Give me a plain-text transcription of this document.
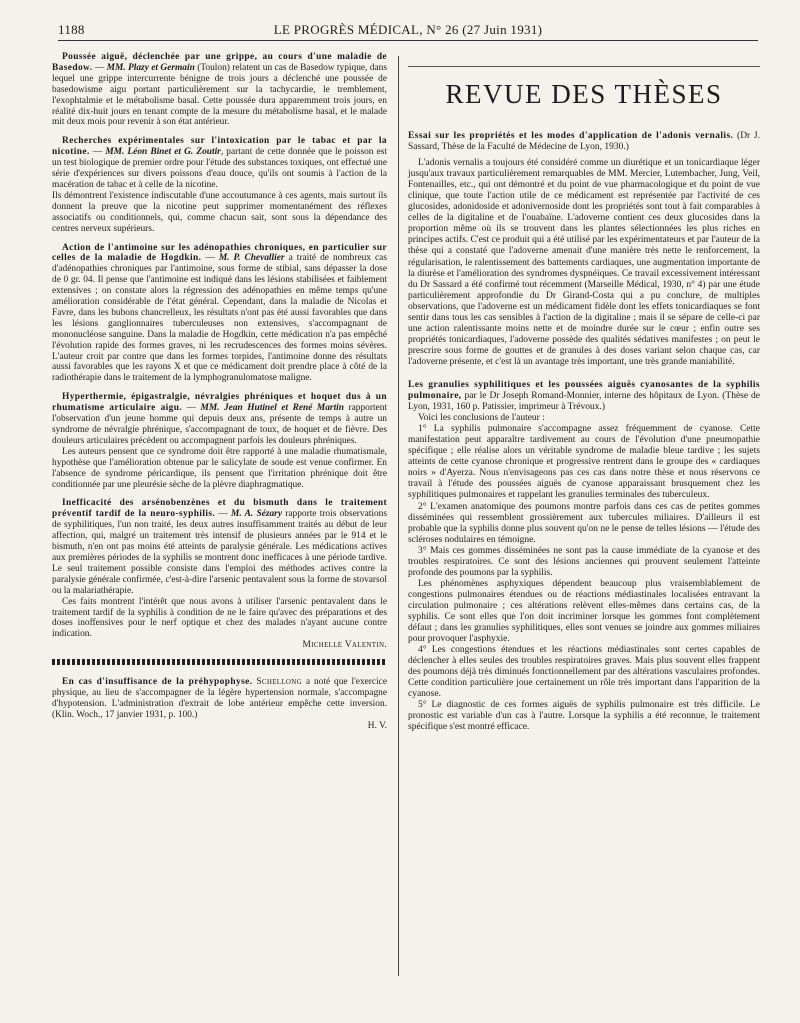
1188	LE PROGRÈS MÉDICAL, N° 26 (27 Juin 1931)

Poussée aiguë, déclenchée par une grippe, au cours d'une maladie de Basedow. — MM. Plazy et Germain (Toulon) relatent un cas de Basedow typique, dans lequel une grippe intercurrente bénigne de trois jours a déclenché une poussée de basedowisme aigu portant particulièrement sur la tachycardie, le tremblement, l'exophtalmie et le métabolisme basal. Cette poussée dura apparemment trois jours, en réalité dix-huit jours en tenant compte de la mesure du métabolisme basal, et le malade mit deux mois pour revenir à son état antérieur.

Recherches expérimentales sur l'intoxication par le tabac et par la nicotine. — MM. Léon Binet et G. Zoutir, partant de cette donnée que le poisson est un test biologique de premier ordre pour l'étude des substances toxiques, ont effectué une série d'expériences sur divers poissons d'eau douce, qu'ils ont soumis à l'action de la macération de tabac et à celle de la nicotine.

Ils démontrent l'existence indiscutable d'une accoutumance à ces agents, mais surtout ils donnent la preuve que la nicotine peut supprimer momentanément des réflexes associatifs ou conditionnels, qui, comme chacun sait, sont sous la dépendance des centres nerveux supérieurs.

Action de l'antimoine sur les adénopathies chroniques, en particulier sur celles de la maladie de Hogdkin. — M. P. Chevallier a traité de nombreux cas d'adénopathies chroniques par l'antimoine, sous forme de stibial, sans dépasser la dose de 0 gr. 04. Il pense que l'antimoine est indiqué dans les lésions stabilisées et faiblement extensives ; on constate alors la régression des adénopathies en même temps qu'une amélioration considérable de l'état général. Cependant, dans la maladie de Nicolas et Favre, dans les bubons chancrelleux, les résultats n'ont pas été aussi favorables que dans les lésions ganglionnaires tuberculeuses non extensives, s'accompagnant de mononucléose sanguine. Dans la maladie de Hogdkin, cette médication n'a pas empêché l'évolution rapide des formes graves, ni les recrudescences des formes moins sévères. L'auteur croit par contre que dans les formes torpides, l'antimoine donne des résultats aussi favorables que les rayons X et que ce médicament doit prendre place à côté de la radiothérapie dans le traitement de la lymphogranulomatose maligne.

Hyperthermie, épigastralgie, névralgies phréniques et hoquet dus à un rhumatisme articulaire aigu. — MM. Jean Hutinel et René Martin rapportent l'observation d'un jeune homme qui depuis deux ans, présente de temps à autre un syndrome de névralgie phrénique, s'accompagnant de toux, de hoquet et de fièvre. Des douleurs articulaires précèdent ou accompagnent parfois les douleurs phréniques.

Les auteurs pensent que ce syndrome doit être rapporté à une maladie rhumatismale, hypothèse que l'amélioration obtenue par le salicylate de soude est venue confirmer. En l'absence de syndrome péricardique, ils pensent que l'irritation phrénique doit être conditionnée par une pleurésie sèche de la plèvre diaphragmatique.

Inefficacité des arsénobenzènes et du bismuth dans le traitement préventif tardif de la neuro-syphilis. — M. A. Sézary rapporte trois observations de syphilitiques, l'un non traité, les deux autres insuffisamment traités au début de leur affection, qui, malgré un traitement très intensif de plusieurs années par le 914 et le bismuth, n'en ont pas moins été atteints de paralysie générale. Les médications actives aux premières périodes de la syphilis se montrent donc inefficaces à une période tardive. Le seul traitement possible consiste dans l'emploi des méthodes actives contre la paralysie générale confirmée, c'est-à-dire l'arsenic pentavalent sous la forme de stovarsol ou la malariathérapie.

Ces faits montrent l'intérêt que nous avons à utiliser l'arsenic pentavalent dans le traitement tardif de la syphilis à condition de ne le faire qu'avec des préparations et des doses inoffensives pour le nerf optique et chez des malades n'ayant aucune contre indication.

Michelle Valentin.

En cas d'insuffisance de la préhypophyse. Schellong a noté que l'exercice physique, au lieu de s'accompagner de la légère hypertension normale, s'accompagne d'hypotension. L'administration d'extrait de lobe antérieur empêche cette inversion. (Klin. Woch., 17 janvier 1931, p. 100.)

H. V.

REVUE DES THÈSES

Essai sur les propriétés et les modes d'application de l'adonis vernalis. (Dr J. Sassard, Thèse de la Faculté de Médecine de Lyon, 1930.)

L'adonis vernalis a toujours été considéré comme un diurétique et un tonicardiaque léger jusqu'aux travaux particulièrement remarquables de MM. Mercier, Lutembacher, Jung, Veil, Fontenailles, etc., qui ont démontré et du point de vue pharmacologique et du point de vue clinique, que toute l'action utile de ce médicament est représentée par l'activité de ces glucosides, adonidoside et adonivernoside dont les propriétés sont tout à fait comparables à celles de la digitaline et de l'ouabaïne. L'adoverne contient ces deux glucosides dans la proportion même où ils se trouvent dans les plantes sélectionnées les plus riches en principes actifs. C'est ce produit qui a été utilisé par les expérimentateurs et par l'auteur de la thèse qui a constaté que l'adoverne amenait d'une manière très nette le renforcement, la régularisation, le ralentissement des battements cardiaques, une augmentation importante de la diurèse et l'amélioration des syndromes dyspnéiques. Ce travail excessivement intéressant du Dr Sassard a été confirmé tout récemment (Marseille Médical, 1930, n° 4) par une étude particulièrement approfondie du Dr Girand-Costa qui a pu conclure, de multiples observations, que l'adoverne est un médicament fidèle dont les effets tonicardiaques se font sentir dans tous les cas sensibles à l'action de la digitaline ; mais il se sépare de celle-ci par une action ralentissante moins nette et de moindre durée sur le cœur ; enfin outre ses propriétés tonicardiaques, l'adoverne possède des qualités sédatives manifestes ; on peut le prescrire sous forme de gouttes et de granules à des doses variant selon chaque cas, car l'adoverne présente, et c'est là un avantage très important, une très grande maniabilité.

Les granulies syphilitiques et les poussées aiguës cyanosantes de la syphilis pulmonaire, par le Dr Joseph Romand-Monnier, interne des hôpitaux de Lyon. (Thèse de Lyon, 1931, 160 p. Patissier, imprimeur à Trévoux.)

Voici les conclusions de l'auteur :

1° La syphilis pulmonaire s'accompagne assez fréquemment de cyanose. Cette manifestation peut apparaître tardivement au cours de l'évolution d'une pneumopathie spécifique ; elle réalise alors un véritable syndrome de maladie bleue tardive ; les sujets atteints de cette cyanose chronique et progressive rentrent dans le groupe des « cardiaques noirs » d'Ayerza. Nous n'envisageons pas ces cas dans notre thèse et nous réservons ce travail à l'étude des poussées aiguës de cyanose apparaissant brusquement chez les syphilitiques pulmonaires et rappelant les granulies terminales des tuberculeux.

2° L'examen anatomique des poumons montre parfois dans ces cas de petites gommes disséminées qui ressemblent grossièrement aux tubercules miliaires. D'ailleurs il est probable que la syphilis donne plus souvent qu'on ne le pense de telles lésions — l'étude des scléroses nodulaires en témoigne.

3° Mais ces gommes disséminées ne sont pas la cause immédiate de la cyanose et des troubles respiratoires. Ce sont des lésions anciennes qui prouvent seulement l'atteinte profonde des poumons par la syphilis.

Les phénomènes asphyxiques dépendent beaucoup plus vraisemblablement de congestions pulmonaires étendues ou de réactions médiastinales localisées entravant la circulation pulmonaire ; ces altérations relèvent elles-mêmes dans certains cas, de la syphilis. Ce sont elles que l'on doit incriminer lorsque les gommes font complètement défaut ; dans les granulies syphilitiques, elles sont venues se joindre aux gommes miliaires pour provoquer l'asphyxie.

4° Les congestions étendues et les réactions médiastinales sont certes capables de déclencher à elles seules des troubles respiratoires graves. Mais plus souvent elles frappent des poumons déjà très diminués fonctionnellement par des altérations vasculaires profondes. Cette condition particulière joue certainement un rôle très important dans l'apparition de la cyanose.

5° Le diagnostic de ces formes aiguës de syphilis pulmonaire est très difficile. Le pronostic est variable d'un cas à l'autre. Lorsque la syphilis a été reconnue, le traitement spécifique s'est montré efficace.
